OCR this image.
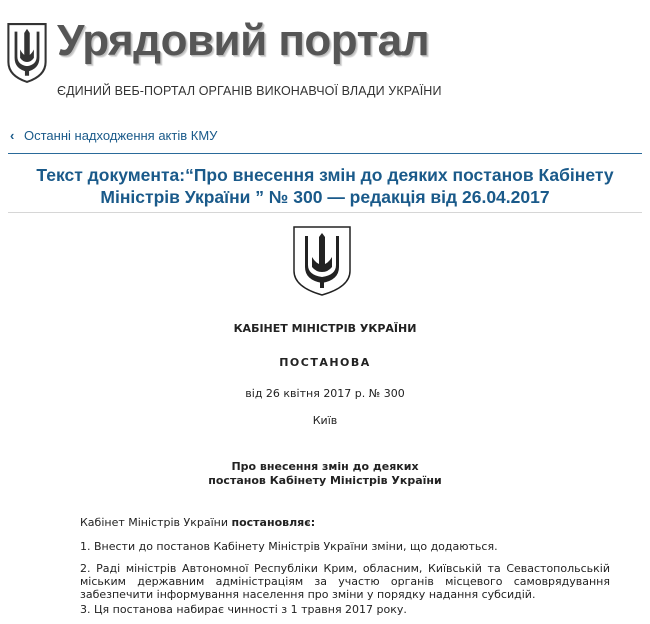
Урядовий портал
ЄДИНИЙ ВЕБ-ПОРТАЛ ОРГАНІВ ВИКОНАВЧОЇ ВЛАДИ УКРАЇНИ
‹ Останні надходження актів КМУ
Текст документа:“Про внесення змін до деяких постанов Кабінету Міністрів України ” № 300 — редакція від 26.04.2017
КАБІНЕТ МІНІСТРІВ УКРАЇНИ
ПОСТАНОВА
від 26 квітня 2017 р. № 300
Київ
Про внесення змін до деяких
постанов Кабінету Міністрів України
Кабінет Міністрів України постановляє:
1. Внести до постанов Кабінету Міністрів України зміни, що додаються.
2. Раді міністрів Автономної Республіки Крим, обласним, Київській та Севастопольській міським державним адміністраціям за участю органів місцевого самоврядування забезпечити інформування населення про зміни у порядку надання субсидій.
3. Ця постанова набирає чинності з 1 травня 2017 року.
